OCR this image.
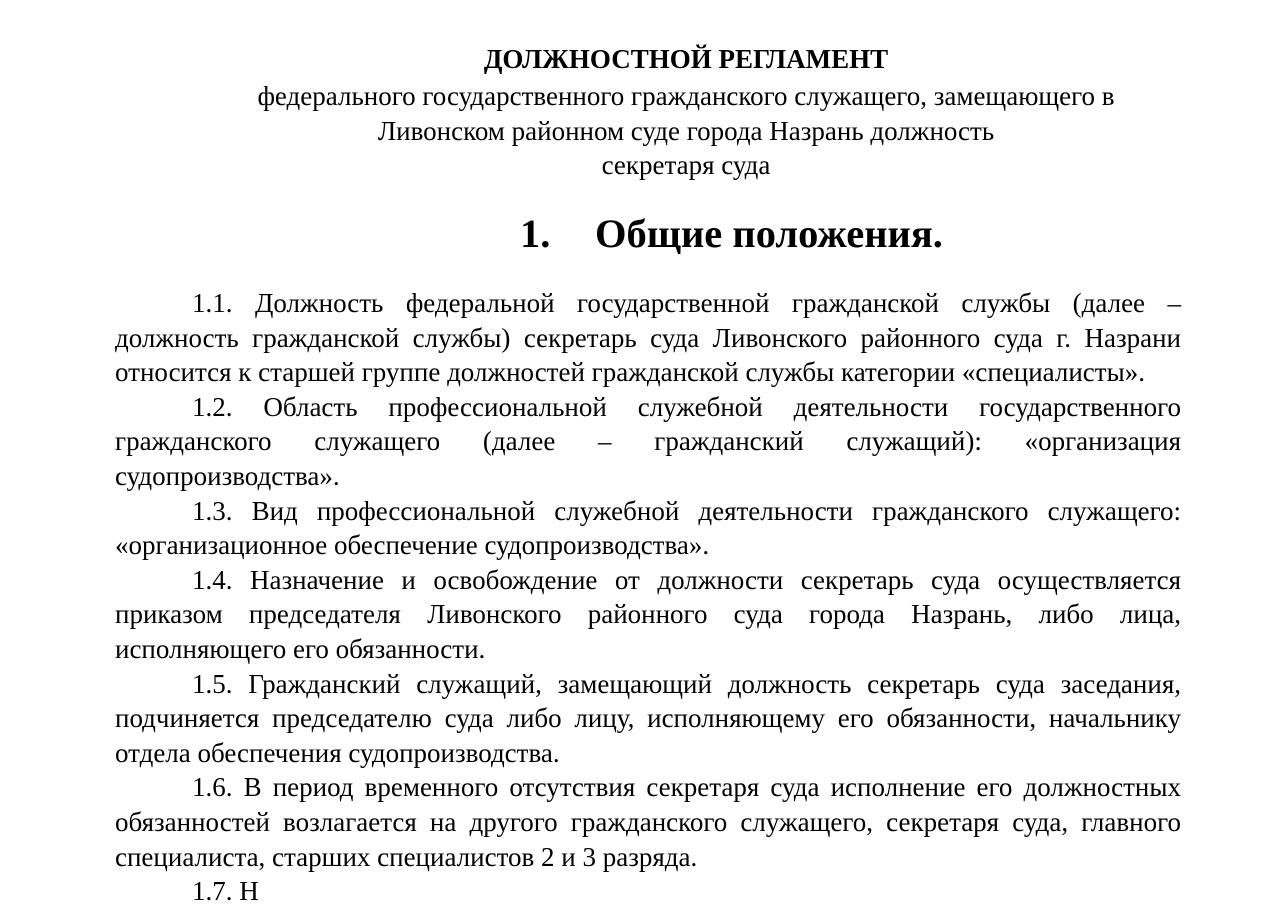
ДОЛЖНОСТНОЙ РЕГЛАМЕНТ
федерального государственного гражданского служащего, замещающего в
Ливонском районном суде города Назрань должность
секретаря суда
1. Общие положения.

1.1. Должность федеральной государственной гражданской службы (далее – должность гражданской службы) секретарь суда Ливонского районного суда г. Назрани относится к старшей группе должностей гражданской службы категории «специалисты».

1.2. Область профессиональной служебной деятельности государственного гражданского служащего (далее – гражданский служащий): «организация судопроизводства».

1.3. Вид профессиональной служебной деятельности гражданского служащего: «организационное обеспечение судопроизводства».

1.4. Назначение и освобождение от должности секретарь суда осуществляется приказом председателя Ливонского районного суда города Назрань, либо лица, исполняющего его обязанности.

1.5. Гражданский служащий, замещающий должность секретарь суда заседания, подчиняется председателю суда либо лицу, исполняющему его обязанности, начальнику отдела обеспечения судопроизводства.

1.6. В период временного отсутствия секретаря суда исполнение его должностных обязанностей возлагается на другого гражданского служащего, секретаря суда, главного специалиста, старших специалистов 2 и 3 разряда.

1.7. Н
